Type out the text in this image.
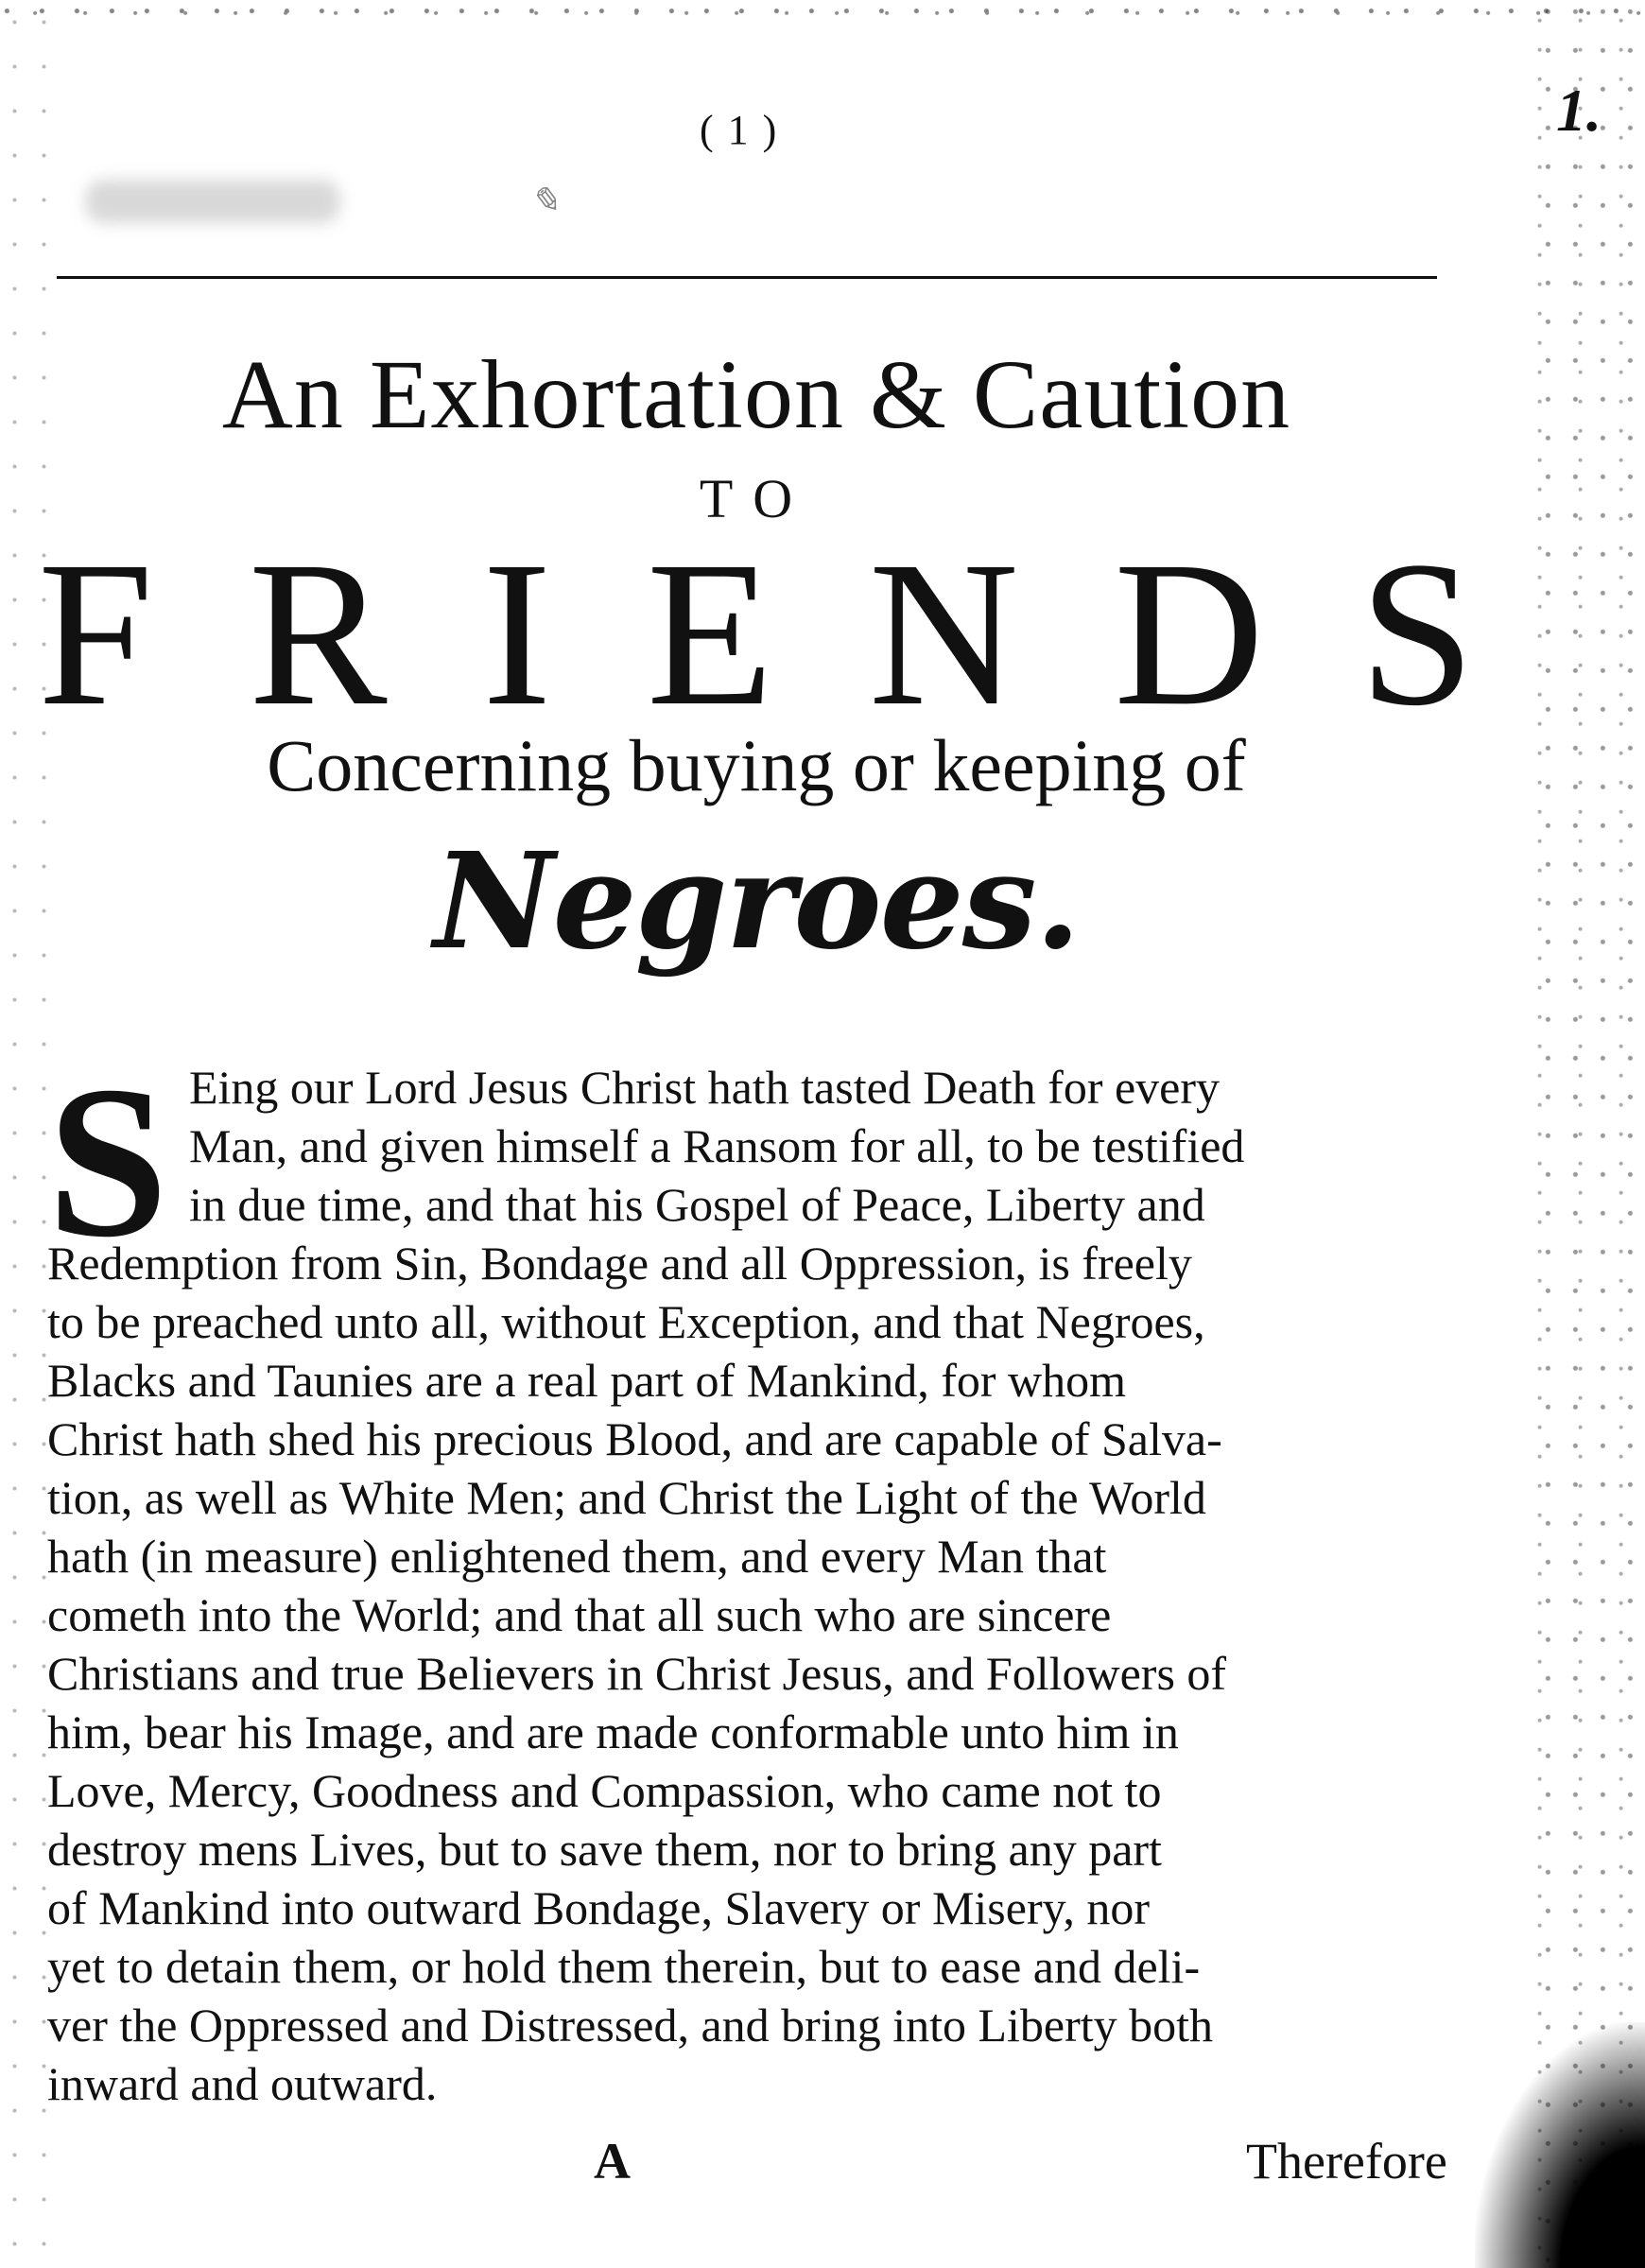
✎
( 1 )	1.
An Exhortation & Caution
TO
F R I E N D S
Concerning buying or keeping of
Negroes.
S Eing our Lord Jesus Christ hath tasted Death for every
Man, and given himself a Ransom for all, to be testified
in due time, and that his Gospel of Peace, Liberty and
Redemption from Sin, Bondage and all Oppression, is freely
to be preached unto all, without Exception, and that Negroes,
Blacks and Taunies are a real part of Mankind, for whom
Christ hath shed his precious Blood, and are capable of Salva-
tion, as well as White Men; and Christ the Light of the World
hath (in measure) enlightened them, and every Man that
cometh into the World; and that all such who are sincere
Christians and true Believers in Christ Jesus, and Followers of
him, bear his Image, and are made conformable unto him in
Love, Mercy, Goodness and Compassion, who came not to
destroy mens Lives, but to save them, nor to bring any part
of Mankind into outward Bondage, Slavery or Misery, nor
yet to detain them, or hold them therein, but to ease and deli-
ver the Oppressed and Distressed, and bring into Liberty both
inward and outward.
A	Therefore
